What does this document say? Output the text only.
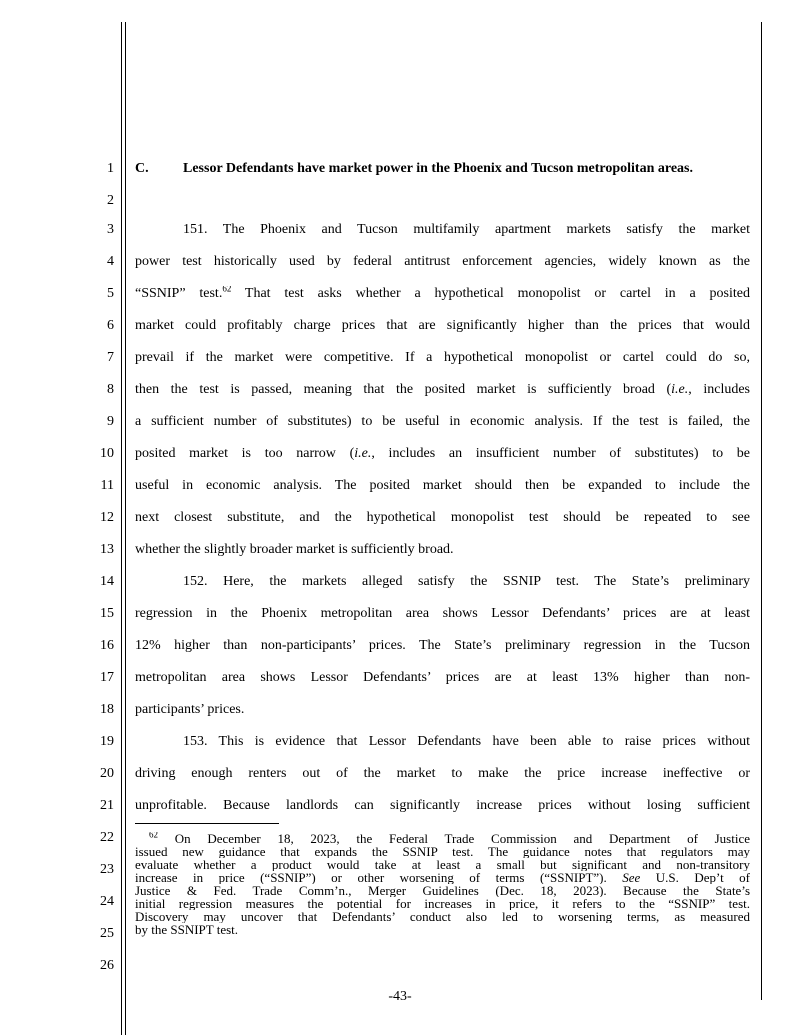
1
2
3
4
5
6
7
8
9
10
11
12
13
14
15
16
17
18
19
20
21
22
23
24
25
26
C. Lessor Defendants have market power in the Phoenix and Tucson metropolitan areas.
151. The Phoenix and Tucson multifamily apartment markets satisfy the market
power test historically used by federal antitrust enforcement agencies, widely known as the
“SSNIP” test.$^{62}$ That test asks whether a hypothetical monopolist or cartel in a posited
market could profitably charge prices that are significantly higher than the prices that would
prevail if the market were competitive. If a hypothetical monopolist or cartel could do so,
then the test is passed, meaning that the posited market is sufficiently broad (i.e., includes
a sufficient number of substitutes) to be useful in economic analysis. If the test is failed, the
posited market is too narrow (i.e., includes an insufficient number of substitutes) to be
useful in economic analysis. The posited market should then be expanded to include the
next closest substitute, and the hypothetical monopolist test should be repeated to see
whether the slightly broader market is sufficiently broad.
152. Here, the markets alleged satisfy the SSNIP test. The State’s preliminary
regression in the Phoenix metropolitan area shows Lessor Defendants’ prices are at least
12% higher than non-participants’ prices. The State’s preliminary regression in the Tucson
metropolitan area shows Lessor Defendants’ prices are at least 13% higher than non-
participants’ prices.
153. This is evidence that Lessor Defendants have been able to raise prices without
driving enough renters out of the market to make the price increase ineffective or
unprofitable. Because landlords can significantly increase prices without losing sufficient
$^{62}$ On December 18, 2023, the Federal Trade Commission and Department of Justice
issued new guidance that expands the SSNIP test. The guidance notes that regulators may
evaluate whether a product would take at least a small but significant and non-transitory
increase in price (“SSNIP”) or other worsening of terms (“SSNIPT”). See U.S. Dep’t of
Justice & Fed. Trade Comm’n., Merger Guidelines (Dec. 18, 2023). Because the State’s
initial regression measures the potential for increases in price, it refers to the “SSNIP” test.
Discovery may uncover that Defendants’ conduct also led to worsening terms, as measured
by the SSNIPT test.
-43-
